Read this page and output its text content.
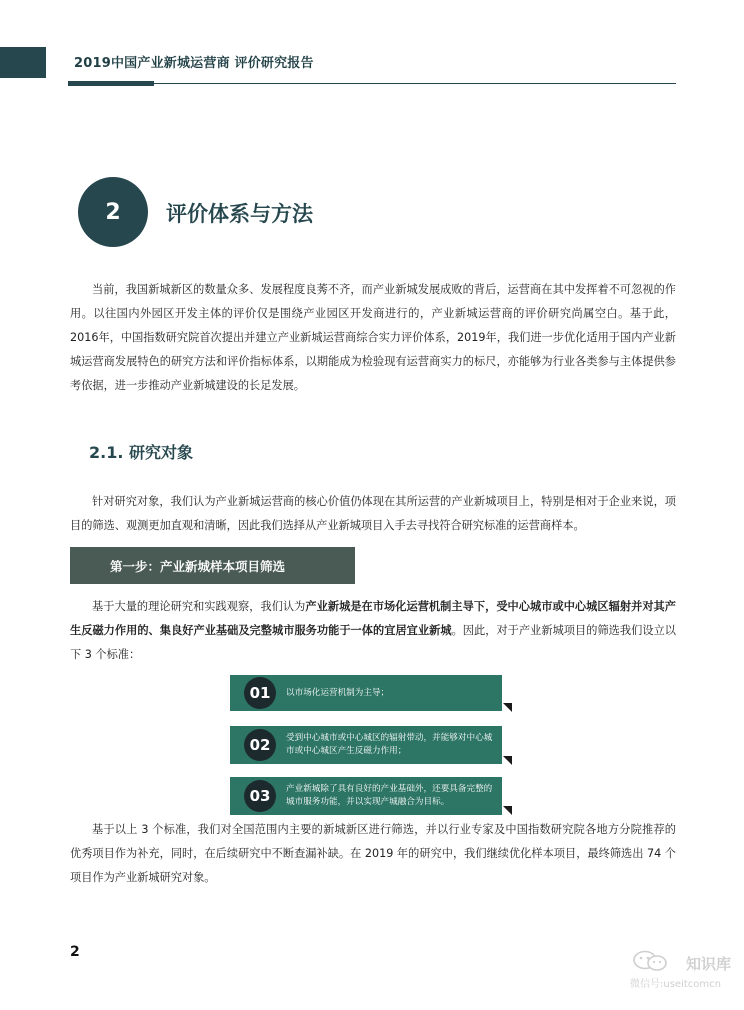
2019中国产业新城运营商 评价研究报告
2	评价体系与方法

当前，我国新城新区的数量众多、发展程度良莠不齐，而产业新城发展成败的背后，运营商在其中发挥着不可忽视的作用。以往国内外园区开发主体的评价仅是围绕产业园区开发商进行的，产业新城运营商的评价研究尚属空白。基于此，2016年，中国指数研究院首次提出并建立产业新城运营商综合实力评价体系，2019年，我们进一步优化适用于国内产业新城运营商发展特色的研究方法和评价指标体系，以期能成为检验现有运营商实力的标尺，亦能够为行业各类参与主体提供参考依据，进一步推动产业新城建设的长足发展。

2.1. 研究对象

针对研究对象，我们认为产业新城运营商的核心价值仍体现在其所运营的产业新城项目上，特别是相对于企业来说，项目的筛选、观测更加直观和清晰，因此我们选择从产业新城项目入手去寻找符合研究标准的运营商样本。

第一步：产业新城样本项目筛选

基于大量的理论研究和实践观察，我们认为产业新城是在市场化运营机制主导下，受中心城市或中心城区辐射并对其产生反磁力作用的、集良好产业基础及完整城市服务功能于一体的宜居宜业新城。因此，对于产业新城项目的筛选我们设立以下 3 个标准：

01	以市场化运营机制为主导；
02	受到中心城市或中心城区的辐射带动，并能够对中心城市或中心城区产生反磁力作用；
03	产业新城除了具有良好的产业基础外，还要具备完整的城市服务功能，并以实现产城融合为目标。

基于以上 3 个标准，我们对全国范围内主要的新城新区进行筛选，并以行业专家及中国指数研究院各地方分院推荐的优秀项目作为补充，同时，在后续研究中不断查漏补缺。在 2019 年的研究中，我们继续优化样本项目，最终筛选出 74 个项目作为产业新城研究对象。

2
知识库
微信号:useitcomcn
